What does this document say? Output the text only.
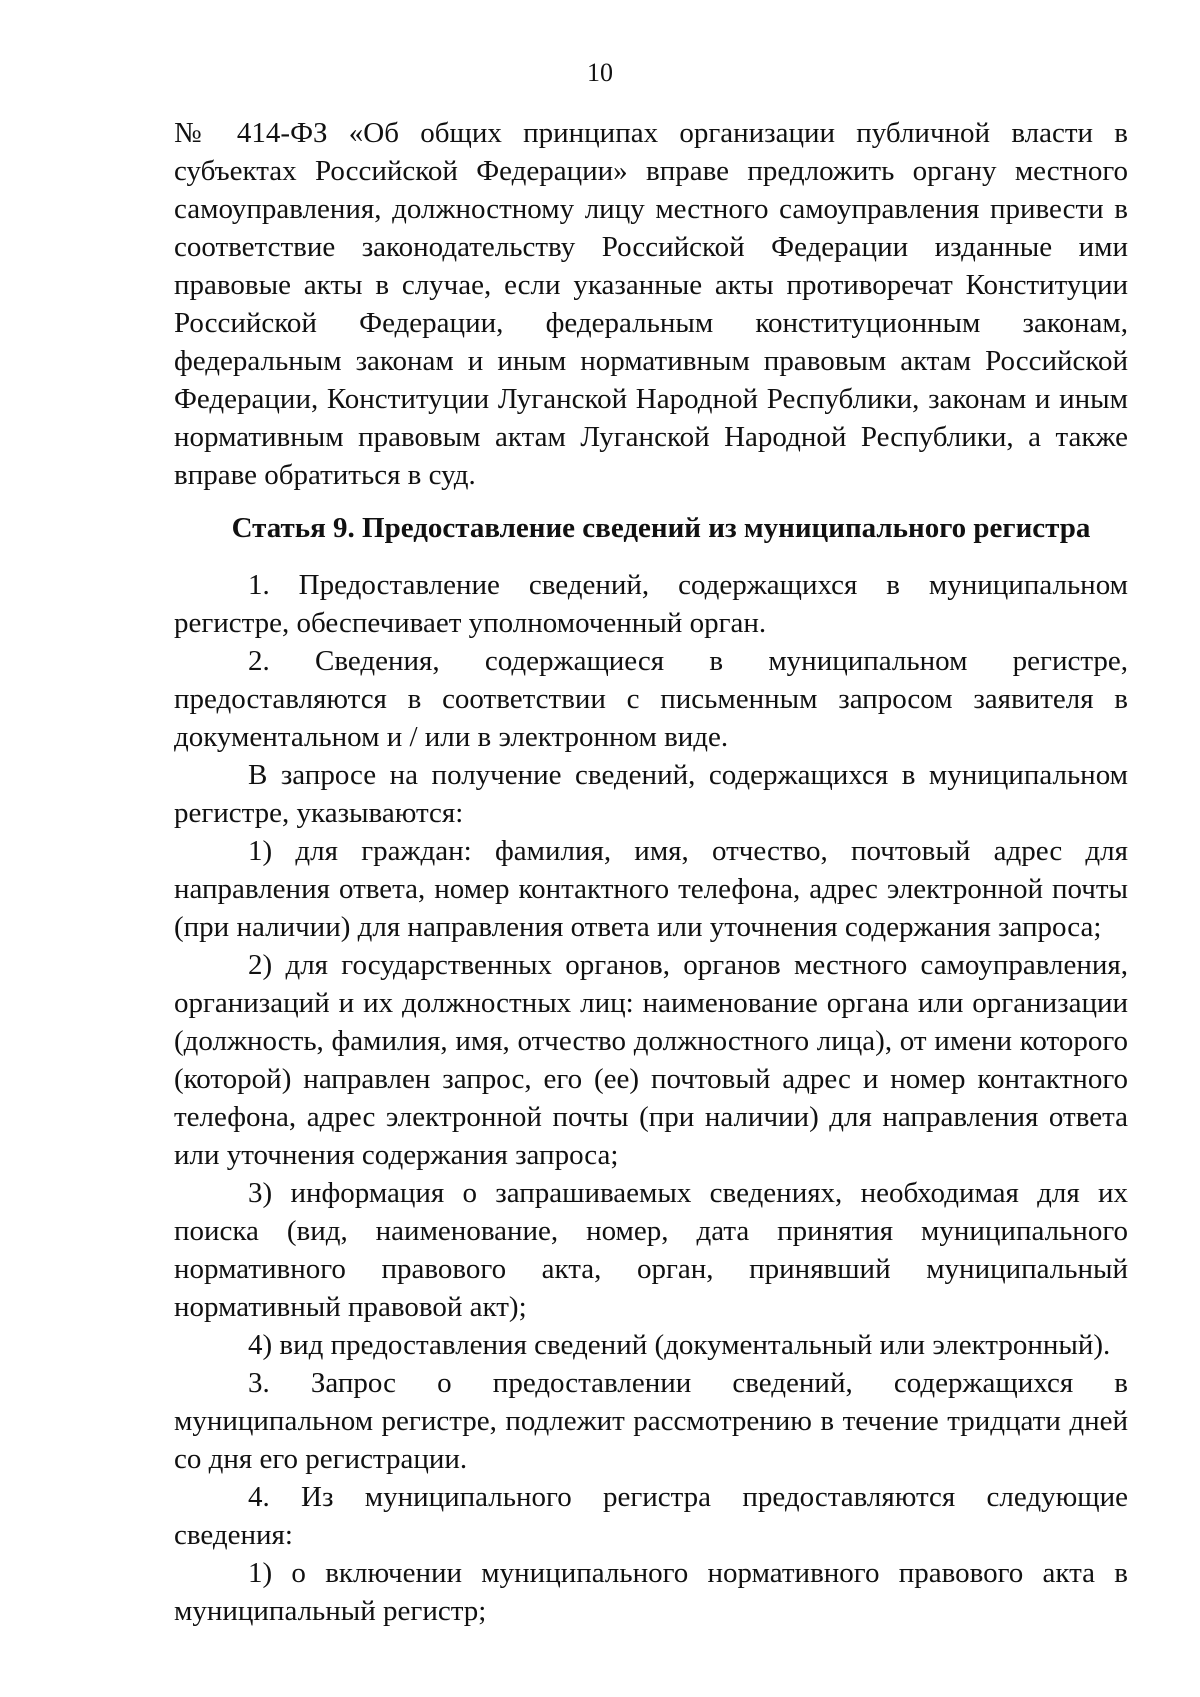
10

№ 414-ФЗ «Об общих принципах организации публичной власти в субъектах Российской Федерации» вправе предложить органу местного самоуправления, должностному лицу местного самоуправления привести в соответствие законодательству Российской Федерации изданные ими правовые акты в случае, если указанные акты противоречат Конституции Российской Федерации, федеральным конституционным законам, федеральным законам и иным нормативным правовым актам Российской Федерации, Конституции Луганской Народной Республики, законам и иным нормативным правовым актам Луганской Народной Республики, а также вправе обратиться в суд.

Статья 9. Предоставление сведений из муниципального регистра

1. Предоставление сведений, содержащихся в муниципальном регистре, обеспечивает уполномоченный орган.

2. Сведения, содержащиеся в муниципальном регистре, предоставляются в соответствии с письменным запросом заявителя в документальном и / или в электронном виде.

В запросе на получение сведений, содержащихся в муниципальном регистре, указываются:

1) для граждан: фамилия, имя, отчество, почтовый адрес для направления ответа, номер контактного телефона, адрес электронной почты (при наличии) для направления ответа или уточнения содержания запроса;

2) для государственных органов, органов местного самоуправления, организаций и их должностных лиц: наименование органа или организации (должность, фамилия, имя, отчество должностного лица), от имени которого (которой) направлен запрос, его (ее) почтовый адрес и номер контактного телефона, адрес электронной почты (при наличии) для направления ответа или уточнения содержания запроса;

3) информация о запрашиваемых сведениях, необходимая для их поиска (вид, наименование, номер, дата принятия муниципального нормативного правового акта, орган, принявший муниципальный нормативный правовой акт);

4) вид предоставления сведений (документальный или электронный).

3. Запрос о предоставлении сведений, содержащихся в муниципальном регистре, подлежит рассмотрению в течение тридцати дней со дня его регистрации.

4. Из муниципального регистра предоставляются следующие сведения:

1) о включении муниципального нормативного правового акта в муниципальный регистр;
